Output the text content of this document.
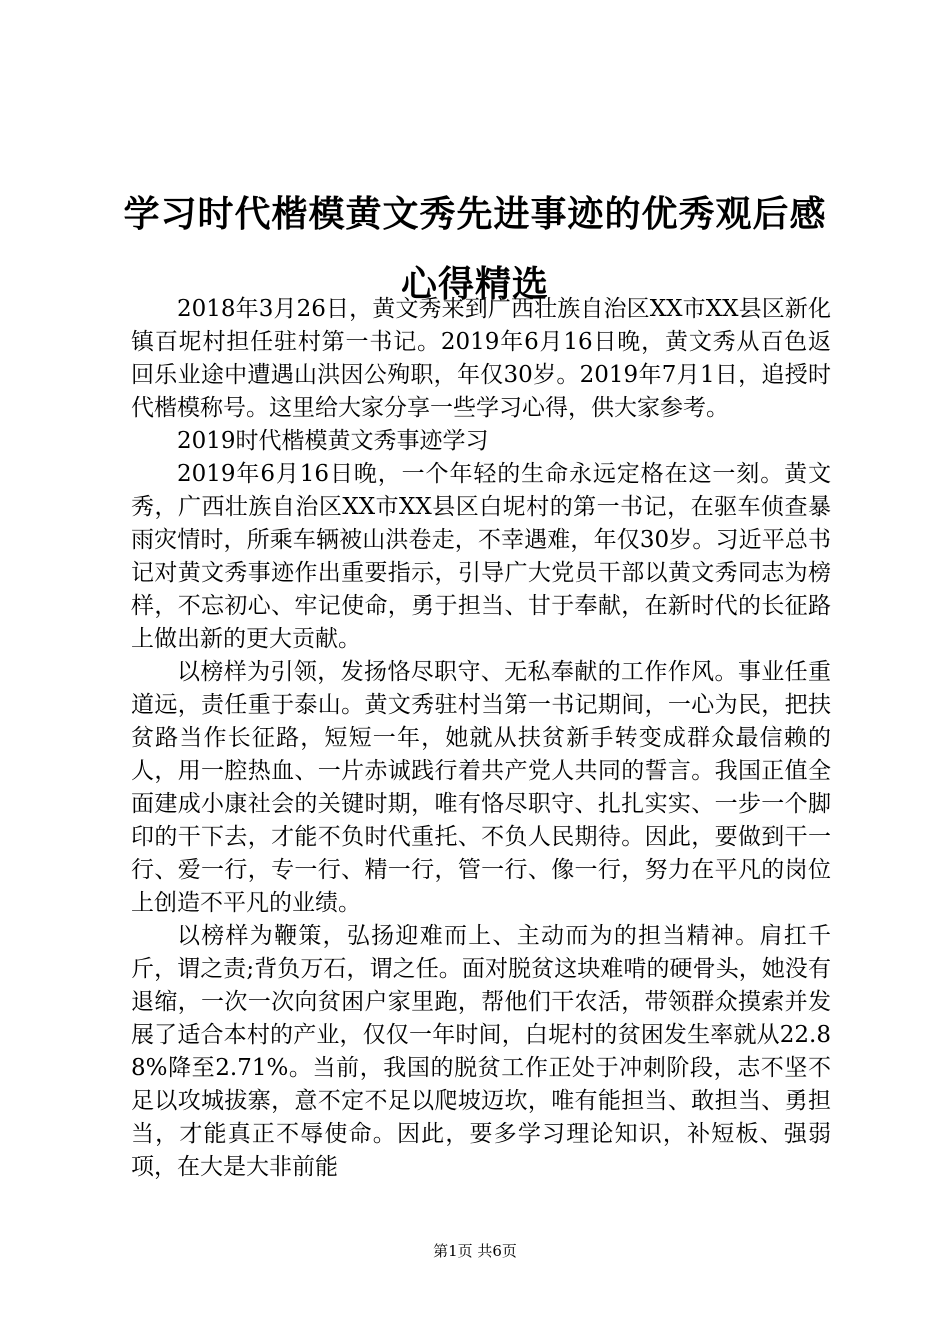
学习时代楷模黄文秀先进事迹的优秀观后感心得精选

2018年3月26日，黄文秀来到广西壮族自治区XX市XX县区新化镇百坭村担任驻村第一书记。2019年6月16日晚，黄文秀从百色返回乐业途中遭遇山洪因公殉职，年仅30岁。2019年7月1日，追授时代楷模称号。这里给大家分享一些学习心得，供大家参考。

2019时代楷模黄文秀事迹学习

2019年6月16日晚，一个年轻的生命永远定格在这一刻。黄文秀，广西壮族自治区XX市XX县区白坭村的第一书记，在驱车侦查暴雨灾情时，所乘车辆被山洪卷走，不幸遇难，年仅30岁。习近平总书记对黄文秀事迹作出重要指示，引导广大党员干部以黄文秀同志为榜样，不忘初心、牢记使命，勇于担当、甘于奉献，在新时代的长征路上做出新的更大贡献。

以榜样为引领，发扬恪尽职守、无私奉献的工作作风。事业任重道远，责任重于泰山。黄文秀驻村当第一书记期间，一心为民，把扶贫路当作长征路，短短一年，她就从扶贫新手转变成群众最信赖的人，用一腔热血、一片赤诚践行着共产党人共同的誓言。我国正值全面建成小康社会的关键时期，唯有恪尽职守、扎扎实实、一步一个脚印的干下去，才能不负时代重托、不负人民期待。因此，要做到干一行、爱一行，专一行、精一行，管一行、像一行，努力在平凡的岗位上创造不平凡的业绩。

以榜样为鞭策，弘扬迎难而上、主动而为的担当精神。肩扛千斤，谓之责;背负万石，谓之任。面对脱贫这块难啃的硬骨头，她没有退缩，一次一次向贫困户家里跑，帮他们干农活，带领群众摸索并发展了适合本村的产业，仅仅一年时间，白坭村的贫困发生率就从22.88%降至2.71%。当前，我国的脱贫工作正处于冲刺阶段，志不坚不足以攻城拔寨，意不定不足以爬坡迈坎，唯有能担当、敢担当、勇担当，才能真正不辱使命。因此，要多学习理论知识，补短板、强弱项，在大是大非前能

第1页 共6页
